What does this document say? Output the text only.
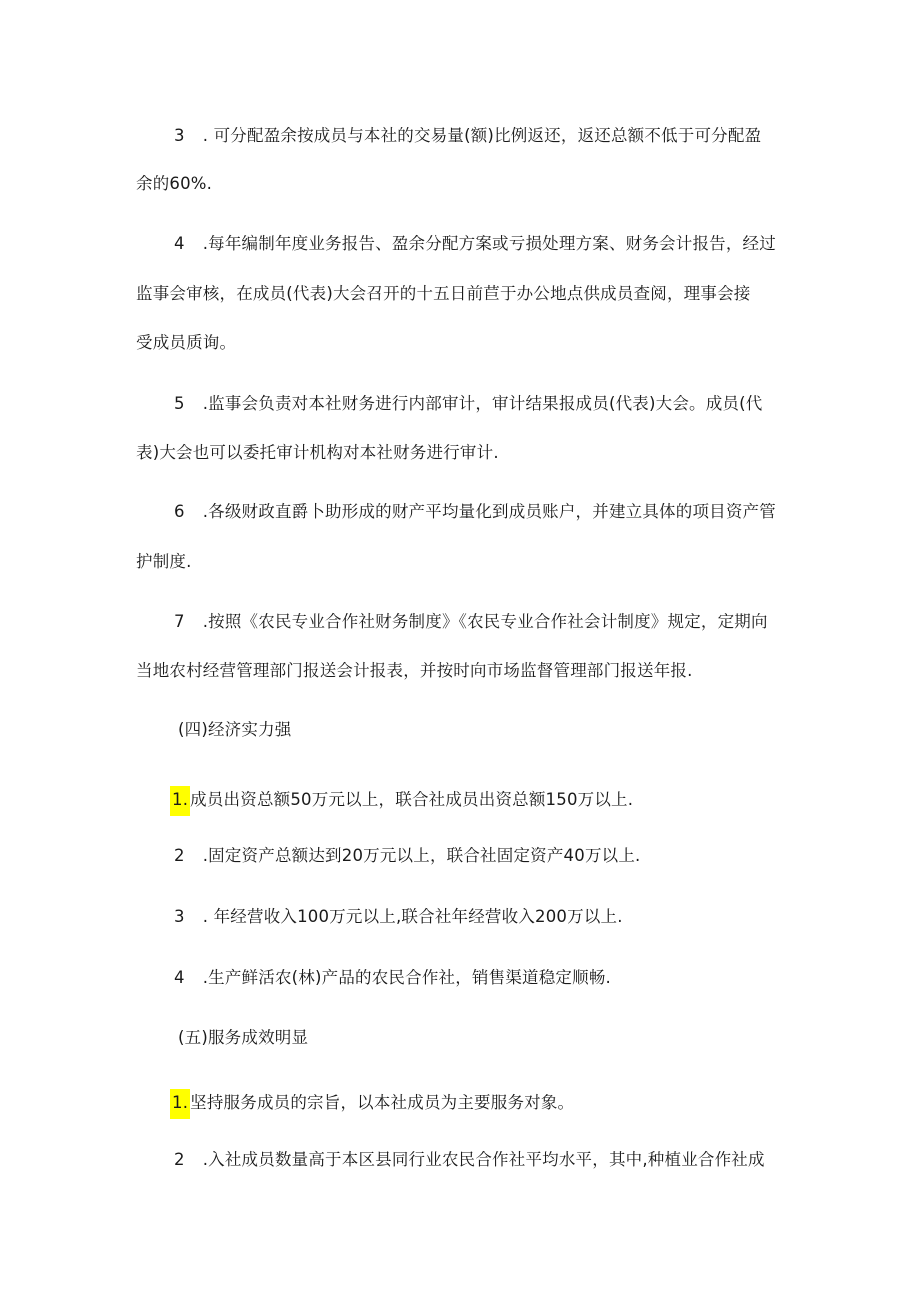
3 . 可分配盈余按成员与本社的交易量(额)比例返还，返还总额不低于可分配盈
余的60%.
4 .每年编制年度业务报告、盈余分配方案或亏损处理方案、财务会计报告，经过
监事会审核，在成员(代表)大会召开的十五日前苣于办公地点供成员查阅，理事会接
受成员质询。
5 .监事会负责对本社财务进行内部审计，审计结果报成员(代表)大会。成员(代
表)大会也可以委托审计机构对本社财务进行审计.
6 .各级财政直爵卜助形成的财产平均量化到成员账户，并建立具体的项目资产管
护制度.
7 .按照《农民专业合作社财务制度》《农民专业合作社会计制度》规定，定期向
当地农村经营管理部门报送会计报表，并按时向市场监督管理部门报送年报.
(四)经济实力强
1. 成员出资总额50万元以上，联合社成员出资总额150万以上.
2 .固定资产总额达到20万元以上，联合社固定资产40万以上.
3 . 年经营收入100万元以上,联合社年经营收入200万以上.
4 .生产鲜活农(林)产品的农民合作社，销售渠道稳定顺畅.
(五)服务成效明显
1. 坚持服务成员的宗旨，以本社成员为主要服务对象。
2 .入社成员数量高于本区县同行业农民合作社平均水平，其中,种植业合作社成
